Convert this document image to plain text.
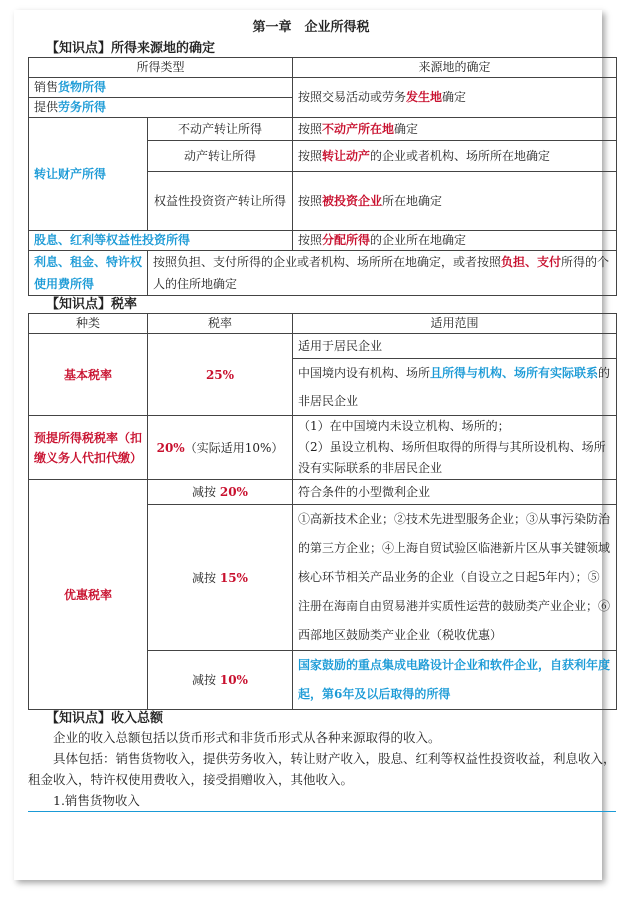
第一章　企业所得税
【知识点】所得来源地的确定
所得类型		来源地的确定
销售货物所得		按照交易活动或劳务发生地确定
提供劳务所得		
转让财产所得	不动产转让所得	按照不动产所在地确定
	动产转让所得	按照转让动产的企业或者机构、场所所在地确定
	权益性投资资产转让所得	按照被投资企业所在地确定
股息、红利等权益性投资所得		按照分配所得的企业所在地确定
利息、租金、特许权使用费所得	按照负担、支付所得的企业或者机构、场所所在地确定，或者按照负担、支付所得的个人的住所地确定	
【知识点】税率
种类	税率	适用范围
基本税率	25%	适用于居民企业
		中国境内设有机构、场所且所得与机构、场所有实际联系的非居民企业
预提所得税税率（扣缴义务人代扣代缴）	20%（实际适用10%）	（1）在中国境内未设立机构、场所的；
（2）虽设立机构、场所但取得的所得与其所设机构、场所没有实际联系的非居民企业

优惠税率	减按 20%	符合条件的小型微利企业
	减按 15%	①高新技术企业；②技术先进型服务企业；③从事污染防治的第三方企业；④上海自贸试验区临港新片区从事关键领域核心环节相关产品业务的企业（自设立之日起5年内）；⑤注册在海南自由贸易港并实质性运营的鼓励类产业企业；⑥西部地区鼓励类产业企业（税收优惠）
	减按 10%	国家鼓励的重点集成电路设计企业和软件企业，自获利年度起，第6年及以后取得的所得
【知识点】收入总额
企业的收入总额包括以货币形式和非货币形式从各种来源取得的收入。
具体包括：销售货物收入，提供劳务收入，转让财产收入，股息、红利等权益性投资收益，利息收入，租金收入，特许权使用费收入，接受捐赠收入，其他收入。
1.销售货物收入
